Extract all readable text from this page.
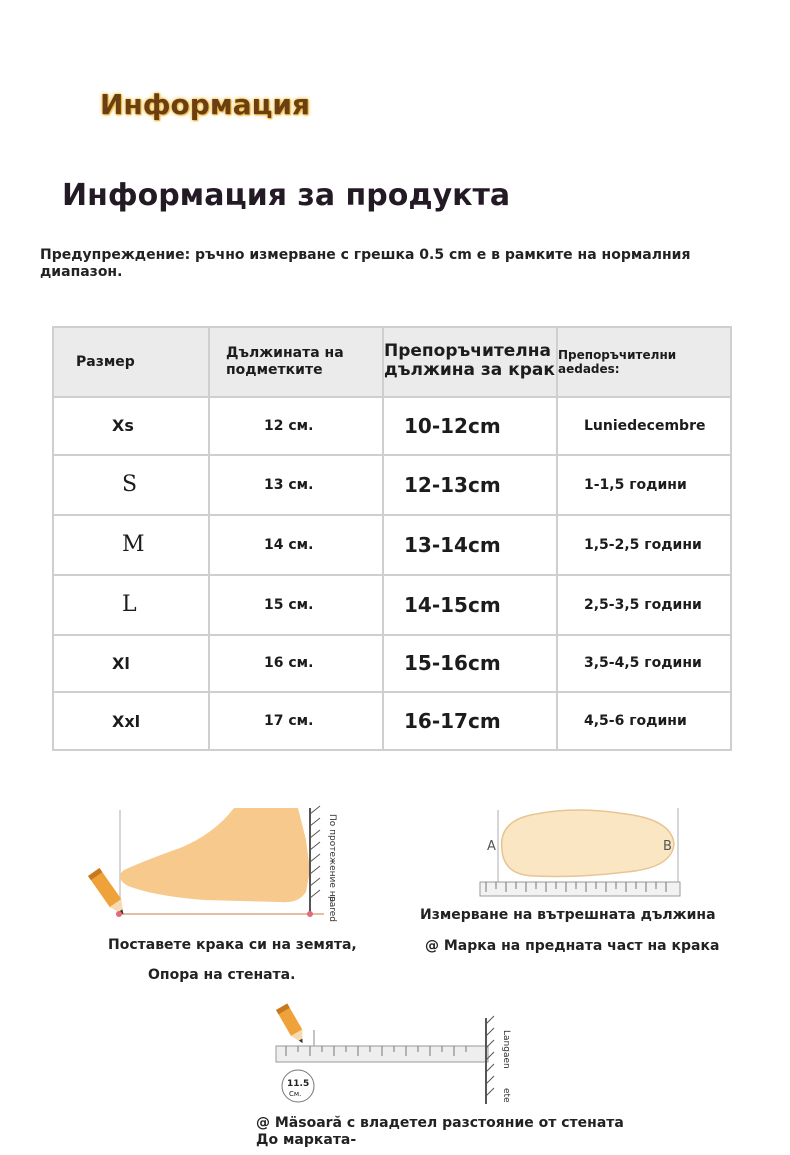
Информация
Информация за продукта
Предупреждение: ръчно измерване с грешка 0.5 cm е в рамките на нормалния диапазон.
Размер	Дължината на подметките	Препоръчителна дължина за крак	Препоръчителни aedades:
Xs	12 см.	10-12cm	Luniedecembre
S	13 см.	12-13cm	1-1,5 години
M	14 см.	13-14cm	1,5-2,5 години
L	15 см.	14-15cm	2,5-3,5 години
Xl	16 см.	15-16cm	3,5-4,5 години
Xxl	17 см.	16-17cm	4,5-6 години
По протежение на
pared
Поставете крака си на земята,
Опора на стената.
A	B
Измерване на вътрешната дължина
@ Марка на предната част на крака
Langaen
ete
11.5
См.
@ Mäsoară с владетел разстояние от стената
До марката-
